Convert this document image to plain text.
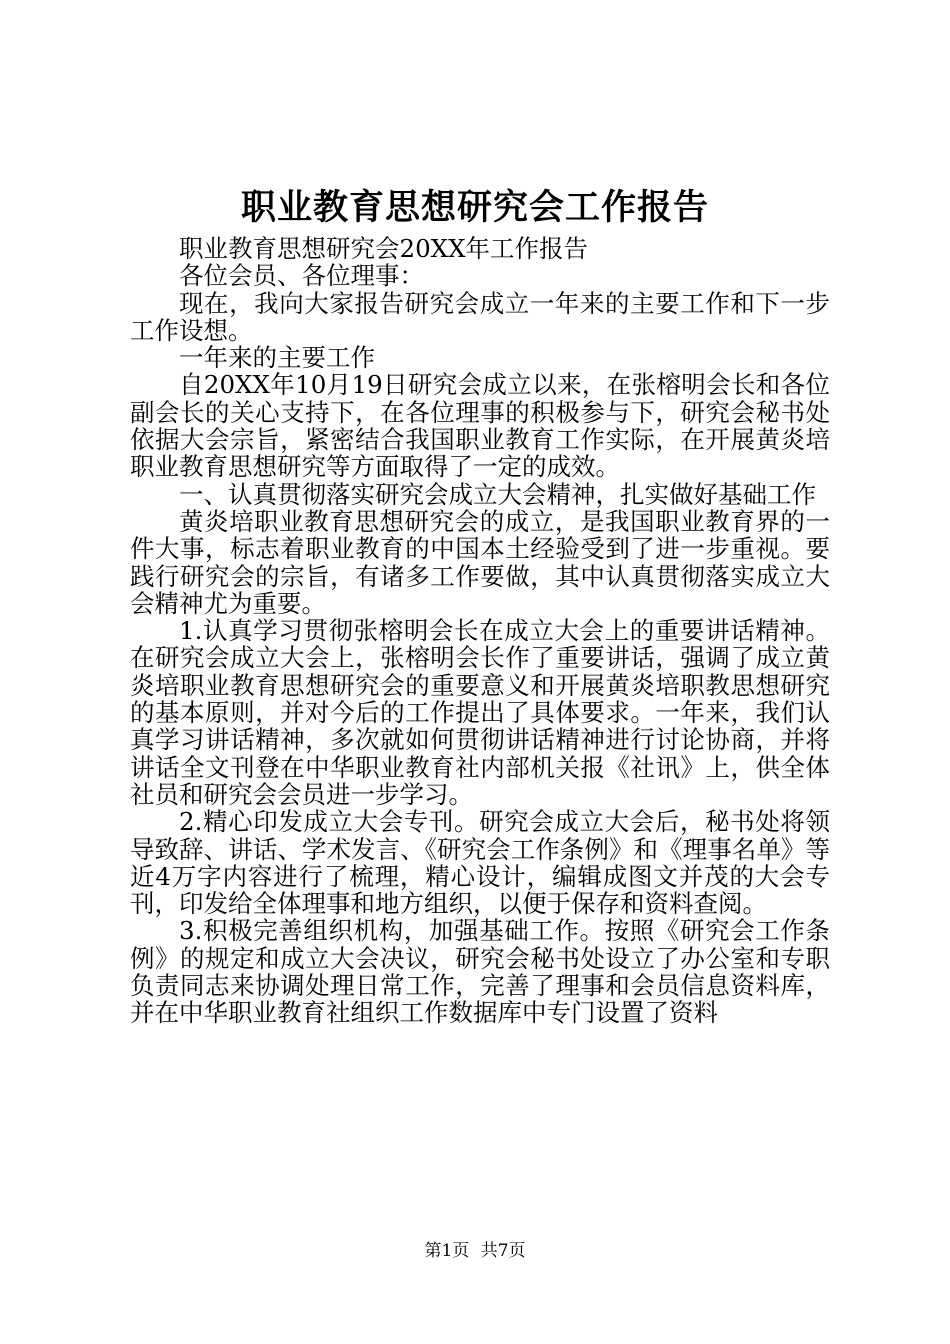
职业教育思想研究会工作报告

职业教育思想研究会20XX年工作报告

各位会员、各位理事：

现在，我向大家报告研究会成立一年来的主要工作和下一步工作设想。

一年来的主要工作

自20XX年10月19日研究会成立以来，在张榕明会长和各位副会长的关心支持下，在各位理事的积极参与下，研究会秘书处依据大会宗旨，紧密结合我国职业教育工作实际，在开展黄炎培职业教育思想研究等方面取得了一定的成效。

一、认真贯彻落实研究会成立大会精神，扎实做好基础工作

黄炎培职业教育思想研究会的成立，是我国职业教育界的一件大事，标志着职业教育的中国本土经验受到了进一步重视。要践行研究会的宗旨，有诸多工作要做，其中认真贯彻落实成立大会精神尤为重要。

1.认真学习贯彻张榕明会长在成立大会上的重要讲话精神。在研究会成立大会上，张榕明会长作了重要讲话，强调了成立黄炎培职业教育思想研究会的重要意义和开展黄炎培职教思想研究的基本原则，并对今后的工作提出了具体要求。一年来，我们认真学习讲话精神，多次就如何贯彻讲话精神进行讨论协商，并将讲话全文刊登在中华职业教育社内部机关报《社讯》上，供全体社员和研究会会员进一步学习。

2.精心印发成立大会专刊。研究会成立大会后，秘书处将领导致辞、讲话、学术发言、《研究会工作条例》和《理事名单》等近4万字内容进行了梳理，精心设计，编辑成图文并茂的大会专刊，印发给全体理事和地方组织，以便于保存和资料查阅。

3.积极完善组织机构，加强基础工作。按照《研究会工作条例》的规定和成立大会决议，研究会秘书处设立了办公室和专职负责同志来协调处理日常工作，完善了理事和会员信息资料库，并在中华职业教育社组织工作数据库中专门设置了资料

第1页 共7页
